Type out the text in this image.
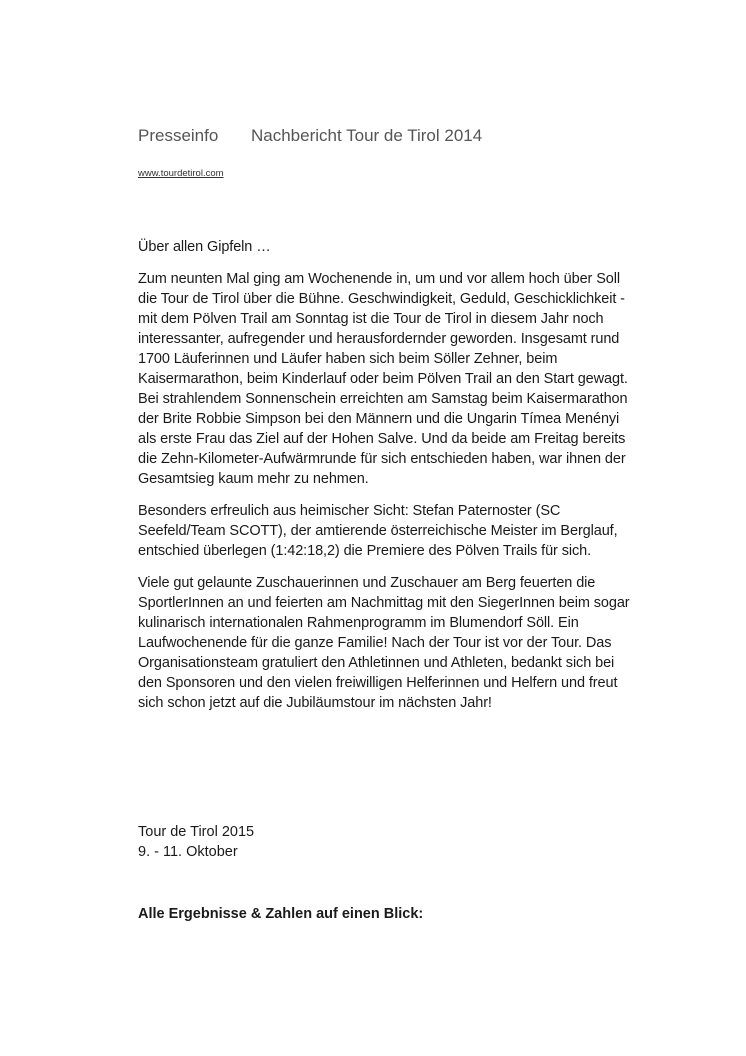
Presseinfo Nachbericht Tour de Tirol 2014
www.tourdetirol.com

Über allen Gipfeln …

Zum neunten Mal ging am Wochenende in, um und vor allem hoch über Soll die Tour de Tirol über die Bühne. Geschwindigkeit, Geduld, Geschicklichkeit - mit dem Pölven Trail am Sonntag ist die Tour de Tirol in diesem Jahr noch interessanter, aufregender und herausfordernder geworden. Insgesamt rund 1700 Läuferinnen und Läufer haben sich beim Söller Zehner, beim Kaisermarathon, beim Kinderlauf oder beim Pölven Trail an den Start gewagt. Bei strahlendem Sonnenschein erreichten am Samstag beim Kaisermarathon der Brite Robbie Simpson bei den Männern und die Ungarin Tímea Menényi als erste Frau das Ziel auf der Hohen Salve. Und da beide am Freitag bereits die Zehn-Kilometer-Aufwärmrunde für sich entschieden haben, war ihnen der Gesamtsieg kaum mehr zu nehmen.

Besonders erfreulich aus heimischer Sicht: Stefan Paternoster (SC Seefeld/Team SCOTT), der amtierende österreichische Meister im Berglauf, entschied überlegen (1:42:18,2) die Premiere des Pölven Trails für sich.

Viele gut gelaunte Zuschauerinnen und Zuschauer am Berg feuerten die SportlerInnen an und feierten am Nachmittag mit den SiegerInnen beim sogar kulinarisch internationalen Rahmenprogramm im Blumendorf Söll. Ein Laufwochenende für die ganze Familie! Nach der Tour ist vor der Tour. Das Organisationsteam gratuliert den Athletinnen und Athleten, bedankt sich bei den Sponsoren und den vielen freiwilligen Helferinnen und Helfern und freut sich schon jetzt auf die Jubiläumstour im nächsten Jahr!

Tour de Tirol 2015
9. - 11. Oktober
Alle Ergebnisse & Zahlen auf einen Blick:
